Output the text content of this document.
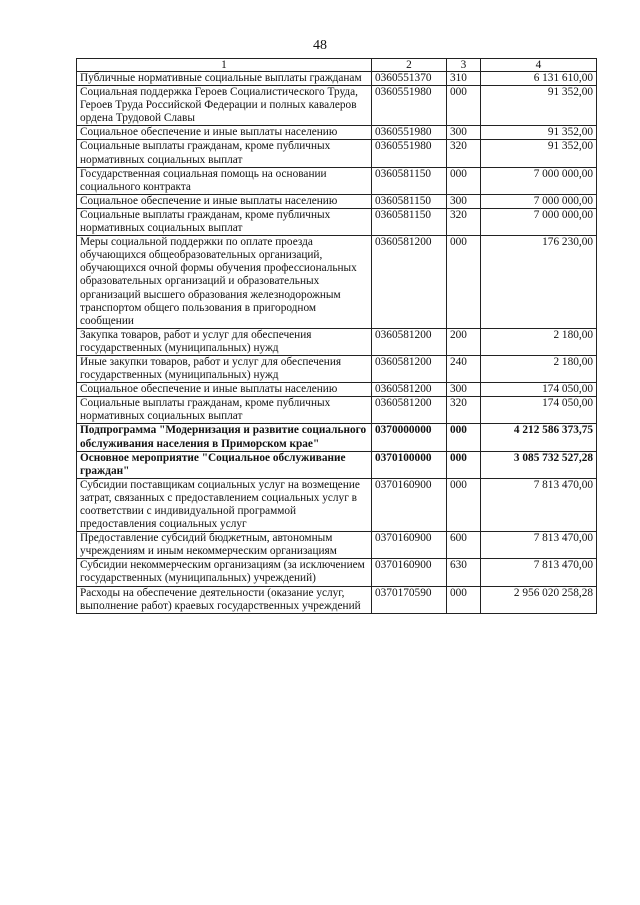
48
1	2	3	4
Публичные нормативные социальные выплаты гражданам	0360551370	310	6 131 610,00
Социальная поддержка Героев Социалистического Труда, Героев Труда Российской Федерации и полных кавалеров ордена Трудовой Славы	0360551980	000	91 352,00
Социальное обеспечение и иные выплаты населению	0360551980	300	91 352,00
Социальные выплаты гражданам, кроме публичных нормативных социальных выплат	0360551980	320	91 352,00
Государственная социальная помощь на основании социального контракта	0360581150	000	7 000 000,00
Социальное обеспечение и иные выплаты населению	0360581150	300	7 000 000,00
Социальные выплаты гражданам, кроме публичных нормативных социальных выплат	0360581150	320	7 000 000,00
Меры социальной поддержки по оплате проезда обучающихся общеобразовательных организаций, обучающихся очной формы обучения профессиональных образовательных организаций и образовательных организаций высшего образования железнодорожным транспортом общего пользования в пригородном сообщении	0360581200	000	176 230,00
Закупка товаров, работ и услуг для обеспечения государственных (муниципальных) нужд	0360581200	200	2 180,00
Иные закупки товаров, работ и услуг для обеспечения государственных (муниципальных) нужд	0360581200	240	2 180,00
Социальное обеспечение и иные выплаты населению	0360581200	300	174 050,00
Социальные выплаты гражданам, кроме публичных нормативных социальных выплат	0360581200	320	174 050,00
Подпрограмма "Модернизация и развитие социального обслуживания населения в Приморском крае"	0370000000	000	4 212 586 373,75
Основное мероприятие "Социальное обслуживание граждан"	0370100000	000	3 085 732 527,28
Субсидии поставщикам социальных услуг на возмещение затрат, связанных с предоставлением социальных услуг в соответствии с индивидуальной программой предоставления социальных услуг	0370160900	000	7 813 470,00
Предоставление субсидий бюджетным, автономным учреждениям и иным некоммерческим организациям	0370160900	600	7 813 470,00
Субсидии некоммерческим организациям (за исключением государственных (муниципальных) учреждений)	0370160900	630	7 813 470,00
Расходы на обеспечение деятельности (оказание услуг, выполнение работ) краевых государственных учреждений	0370170590	000	2 956 020 258,28
